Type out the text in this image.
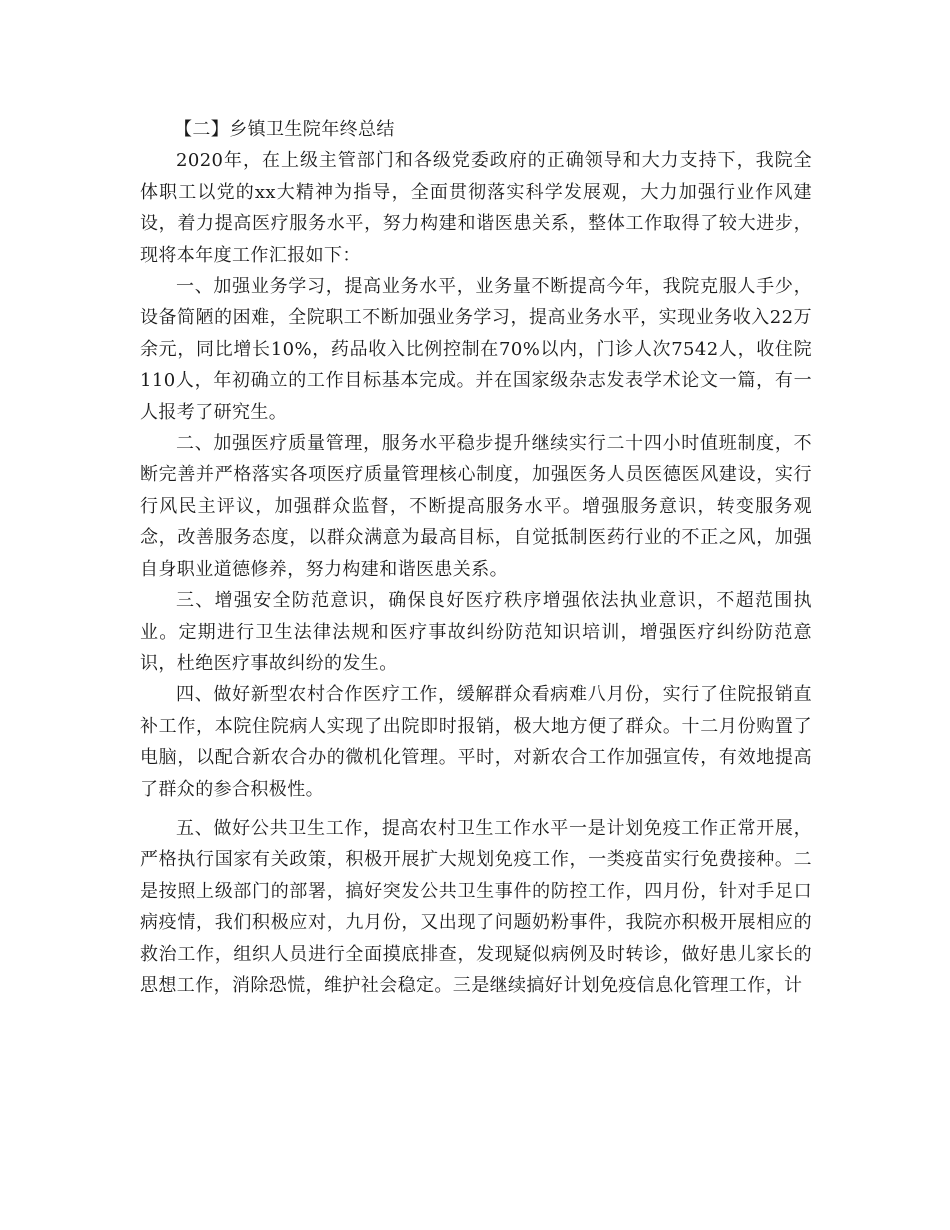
【二】乡镇卫生院年终总结

2020年，在上级主管部门和各级党委政府的正确领导和大力支持下，我院全体职工以党的xx大精神为指导，全面贯彻落实科学发展观，大力加强行业作风建设，着力提高医疗服务水平，努力构建和谐医患关系，整体工作取得了较大进步，现将本年度工作汇报如下：

一、加强业务学习，提高业务水平，业务量不断提高今年，我院克服人手少，设备简陋的困难，全院职工不断加强业务学习，提高业务水平，实现业务收入22万余元，同比增长10%，药品收入比例控制在70%以内，门诊人次7542人，收住院110人，年初确立的工作目标基本完成。并在国家级杂志发表学术论文一篇，有一人报考了研究生。

二、加强医疗质量管理，服务水平稳步提升继续实行二十四小时值班制度，不断完善并严格落实各项医疗质量管理核心制度，加强医务人员医德医风建设，实行行风民主评议，加强群众监督，不断提高服务水平。增强服务意识，转变服务观念，改善服务态度，以群众满意为最高目标，自觉抵制医药行业的不正之风，加强自身职业道德修养，努力构建和谐医患关系。

三、增强安全防范意识，确保良好医疗秩序增强依法执业意识，不超范围执业。定期进行卫生法律法规和医疗事故纠纷防范知识培训，增强医疗纠纷防范意识，杜绝医疗事故纠纷的发生。

四、做好新型农村合作医疗工作，缓解群众看病难八月份，实行了住院报销直补工作，本院住院病人实现了出院即时报销，极大地方便了群众。十二月份购置了电脑，以配合新农合办的微机化管理。平时，对新农合工作加强宣传，有效地提高了群众的参合积极性。

五、做好公共卫生工作，提高农村卫生工作水平一是计划免疫工作正常开展，严格执行国家有关政策，积极开展扩大规划免疫工作，一类疫苗实行免费接种。二是按照上级部门的部署，搞好突发公共卫生事件的防控工作，四月份，针对手足口病疫情，我们积极应对，九月份，又出现了问题奶粉事件，我院亦积极开展相应的救治工作，组织人员进行全面摸底排查，发现疑似病例及时转诊，做好患儿家长的思想工作，消除恐慌，维护社会稳定。三是继续搞好计划免疫信息化管理工作，计
